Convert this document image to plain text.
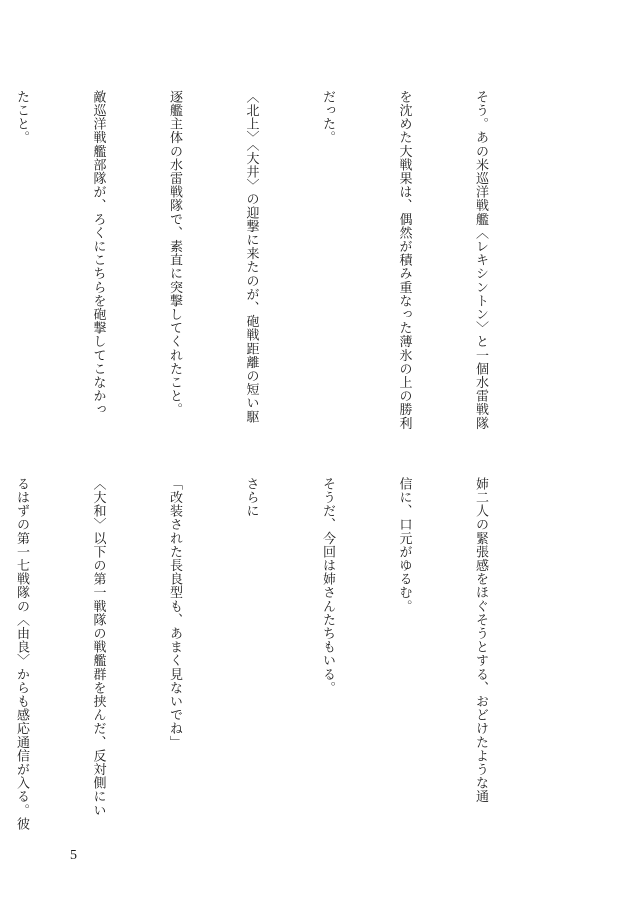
そう。あの米巡洋戦艦〈レキシントン〉と一個水雷戦隊

を沈めた大戦果は、偶然が積み重なった薄氷の上の勝利

だった。

〈北上〉〈大井〉の迎撃に来たのが、砲戦距離の短い駆

逐艦主体の水雷戦隊で、素直に突撃してくれたこと。

敵巡洋戦艦部隊が、ろくにこちらを砲撃してこなかっ

たこと。

姉二人の緊張感をほぐそうとする、おどけたような通

信に、口元がゆるむ。

そうだ、今回は姉さんたちもいる。

さらに

「改装された長良型も、あまく見ないでね」

〈大和〉以下の第一戦隊の戦艦群を挟んだ、反対側にい

るはずの第一七戦隊の〈由良〉からも感応通信が入る。彼

5
